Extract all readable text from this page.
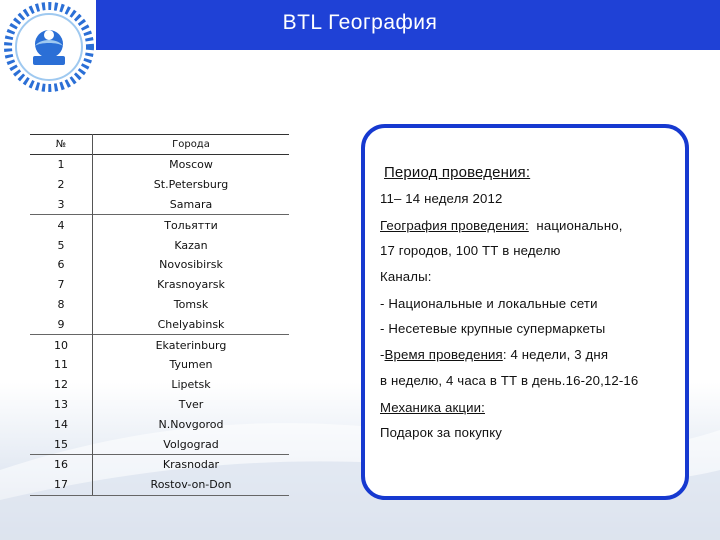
BTL География
№	Города
1	Moscow
2	St.Petersburg
3	Samara
4	Тольятти
5	Kazan
6	Novosibirsk
7	Krasnoyarsk
8	Tomsk
9	Chelyabinsk
10	Ekaterinburg
11	Tyumen
12	Lipetsk
13	Tver
14	N.Novgorod
15	Volgograd
16	Krasnodar
17	Rostov-on-Don
Период проведения:
11– 14 неделя 2012
География проведения: национально,
17 городов, 100 ТТ в неделю
Каналы:
- Национальные и локальные сети
- Несетевые крупные супермаркеты
-Время проведения: 4 недели, 3 дня
в неделю, 4 часа в ТТ в день.16-20,12-16
Механика акции:
Подарок за покупку
